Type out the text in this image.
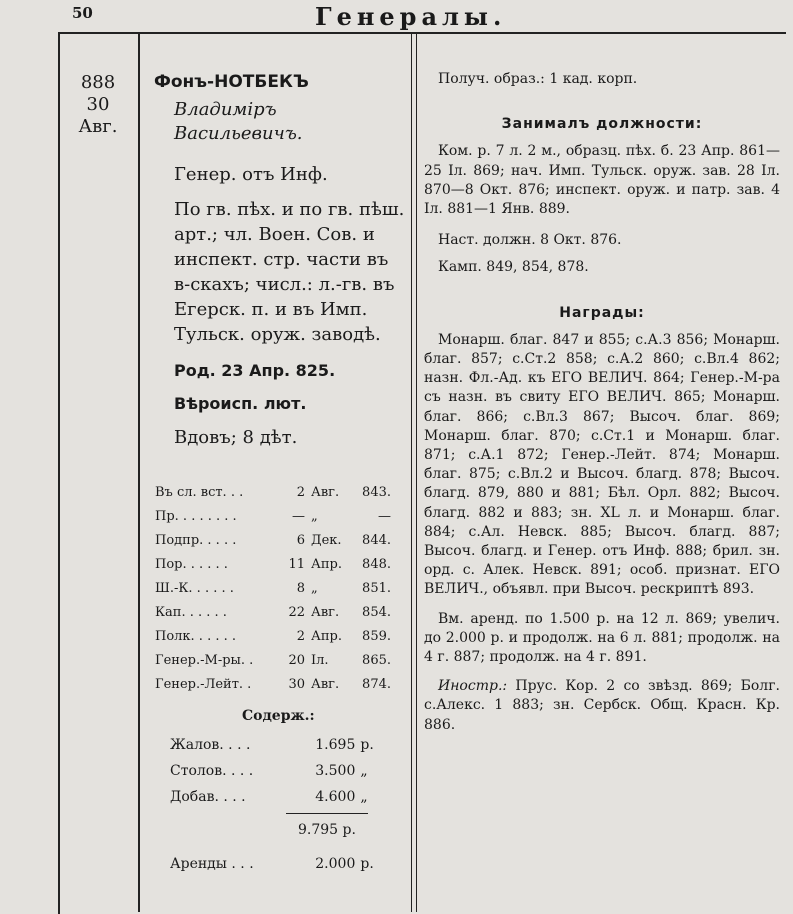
50	Генералы.
888
30
Авг.
Фонъ-НОТБЕКЪ
Владимiръ Васильевичъ.
Генер. отъ Инф.
По гв. пѣх. и по гв. пѣш. арт.; чл. Воен. Сов. и инспект. стр. части въ в-скахъ; числ.: л.-гв. въ Егерск. п. и въ Имп. Тульск. оруж. заводѣ.
Род. 23 Апр. 825.
Вѣроисп. лют.
Вдовъ; 8 дѣт.
Въ сл. вст. . .	2 Авг.	843.
Пр. . . . . . . .	— „	—
Подпр. . . . .	6 Дек.	844.
Пор. . . . . .	11 Апр.	848.
Ш.-К. . . . . .	8 „	851.
Кап. . . . . .	22 Авг.	854.
Полк. . . . . .	2 Апр.	859.
Генер.-М-ры. .	20 Iл.	865.
Генер.-Лейт. .	30 Авг.	874.
Содерж.:
Жалов. . . .	1.695 р.
Столов. . . .	3.500 „
Добав. . . .	4.600 „
9.795 р.
Аренды . . .	2.000 р.

Получ. образ.: 1 кад. корп.

Занималъ должности:

Ком. р. 7 л. 2 м., образц. пѣх. б. 23 Апр. 861—25 Iл. 869; нач. Имп. Тульск. оруж. зав. 28 Iл. 870—8 Окт. 876; инспект. оруж. и патр. зав. 4 Iл. 881—1 Янв. 889.

Наст. должн. 8 Окт. 876.

Камп. 849, 854, 878.

Награды:

Монарш. благ. 847 и 855; с.А.3 856; Монарш. благ. 857; с.Ст.2 858; с.А.2 860; с.Вл.4 862; назн. Фл.-Ад. къ ЕГО ВЕЛИЧ. 864; Генер.-М-ра съ назн. въ свиту ЕГО ВЕЛИЧ. 865; Монарш. благ. 866; с.Вл.3 867; Высоч. благ. 869; Монарш. благ. 870; с.Ст.1 и Монарш. благ. 871; с.А.1 872; Генер.-Лейт. 874; Монарш. благ. 875; с.Вл.2 и Высоч. благд. 878; Высоч. благд. 879, 880 и 881; Бѣл. Орл. 882; Высоч. благд. 882 и 883; зн. XL л. и Монарш. благ. 884; с.Ал. Невск. 885; Высоч. благд. 887; Высоч. благд. и Генер. отъ Инф. 888; брил. зн. орд. с. Алек. Невск. 891; особ. признат. ЕГО ВЕЛИЧ., объявл. при Высоч. рескриптѣ 893.

Вм. аренд. по 1.500 р. на 12 л. 869; увелич. до 2.000 р. и продолж. на 6 л. 881; продолж. на 4 г. 887; продолж. на 4 г. 891.

Иностр.: Прус. Кор. 2 со звѣзд. 869; Болг. с.Алекс. 1 883; зн. Сербск. Общ. Красн. Кр. 886.
